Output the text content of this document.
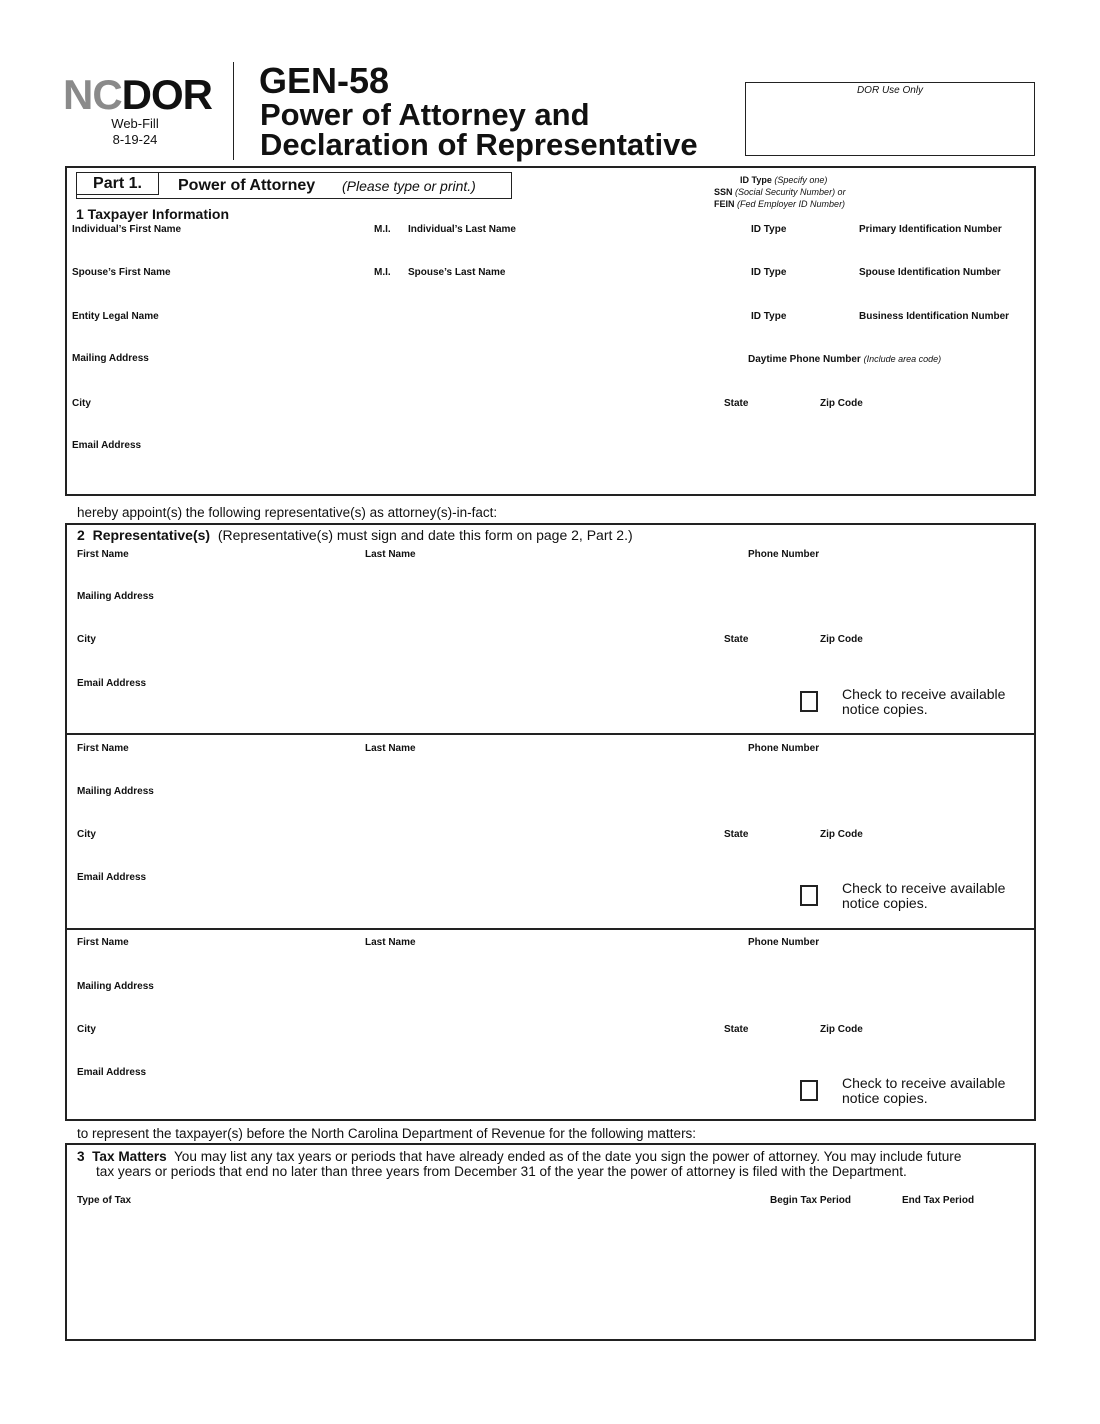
NCDOR
Web-Fill
8-19-24
GEN-58
Power of Attorney and
Declaration of Representative
DOR Use Only
Part 1.	Power of Attorney (Please type or print.)	ID Type (Specify one)
SSN (Social Security Number) or
FEIN (Fed Employer ID Number)
1 Taxpayer Information
Individual’s First Name	M.I. Individual’s Last Name	ID Type	Primary Identification Number
Spouse’s First Name	M.I. Spouse’s Last Name	ID Type	Spouse Identification Number
Entity Legal Name	ID Type	Business Identification Number
Mailing Address	Daytime Phone Number (Include area code)
City	State	Zip Code
Email Address
hereby appoint(s) the following representative(s) as attorney(s)-in-fact:
2 Representative(s) (Representative(s) must sign and date this form on page 2, Part 2.)
First Name	Last Name	Phone Number
Mailing Address
City	State	Zip Code
Email Address
Check to receive available
notice copies.
First Name	Last Name	Phone Number
Mailing Address
City	State	Zip Code
Email Address
Check to receive available
notice copies.
First Name	Last Name	Phone Number
Mailing Address
City	State	Zip Code
Email Address
Check to receive available
notice copies.
to represent the taxpayer(s) before the North Carolina Department of Revenue for the following matters:
3 Tax Matters You may list any tax years or periods that have already ended as of the date you sign the power of attorney. You may include future
tax years or periods that end no later than three years from December 31 of the year the power of attorney is filed with the Department.
Type of Tax	Begin Tax Period	End Tax Period
